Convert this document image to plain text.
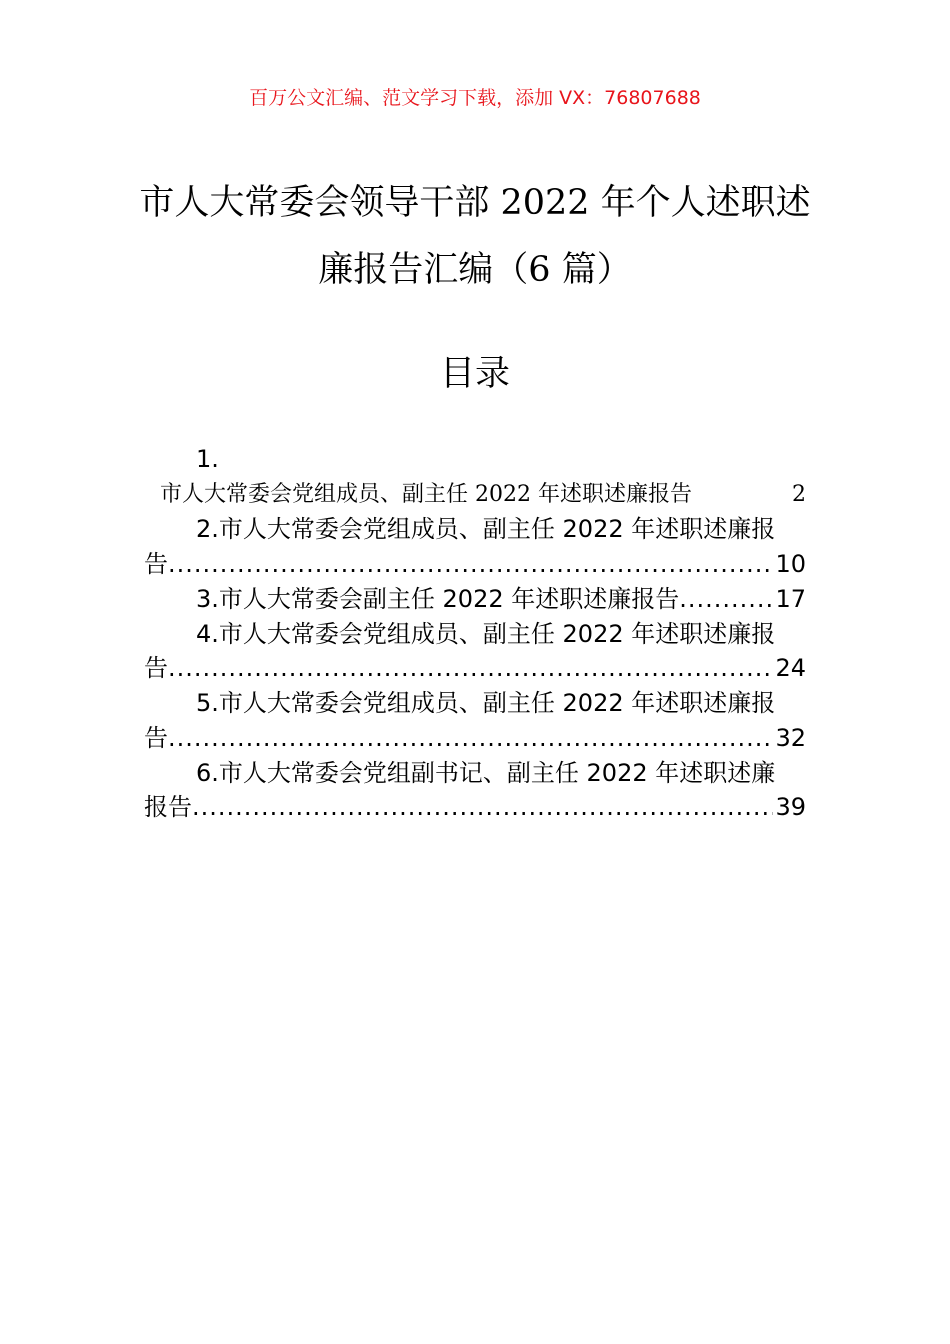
百万公文汇编、范文学习下载，添加 VX：76807688
市人大常委会领导干部 2022 年个人述职述
廉报告汇编（6 篇）
目录
1.
市人大常委会党组成员、副主任 2022 年述职述廉报告	2
2.市人大常委会党组成员、副主任 2022 年述职述廉报
告 .....	10
3.市人大常委会副主任 2022 年述职述廉报告 .....	17
4.市人大常委会党组成员、副主任 2022 年述职述廉报
告 .....	24
5.市人大常委会党组成员、副主任 2022 年述职述廉报
告 .....	32
6.市人大常委会党组副书记、副主任 2022 年述职述廉
报告 .....	39
